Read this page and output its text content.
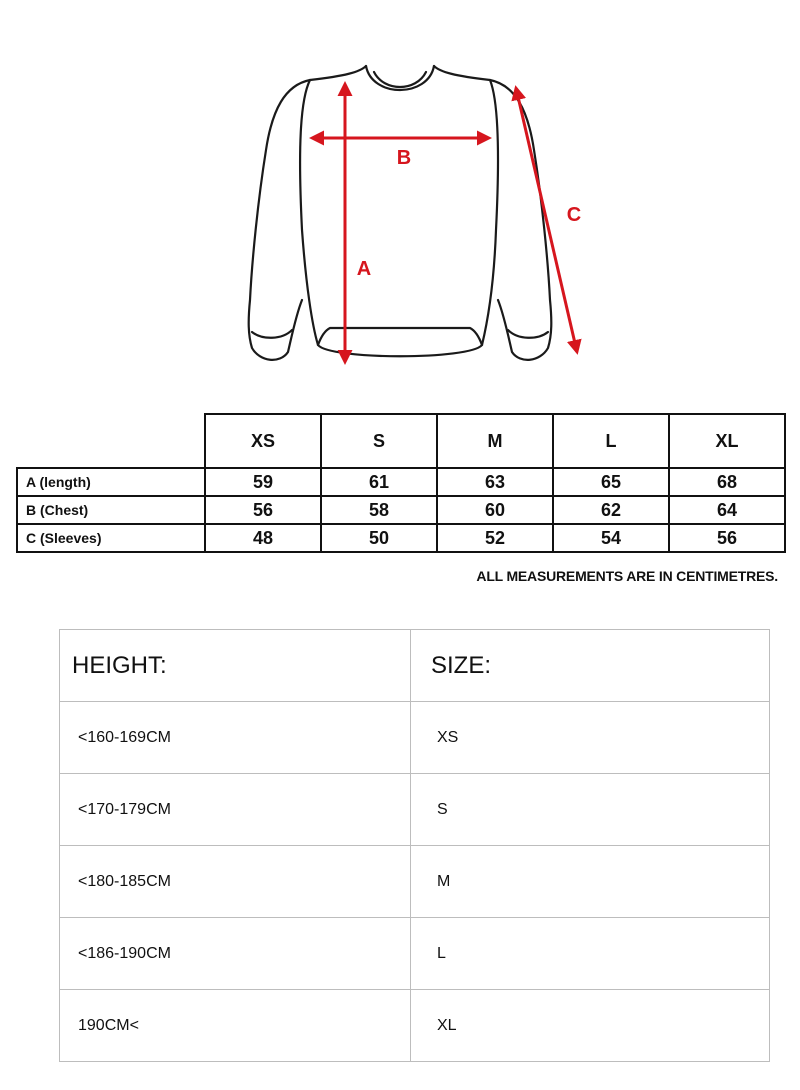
A
B
C
	XS	S	M	L	XL
A (length)	59	61	63	65	68
B (Chest)	56	58	60	62	64
C (Sleeves)	48	50	52	54	56
ALL MEASUREMENTS ARE IN CENTIMETRES.
HEIGHT:	SIZE:
<160-169CM	XS
<170-179CM	S
<180-185CM	M
<186-190CM	L
190CM<	XL
